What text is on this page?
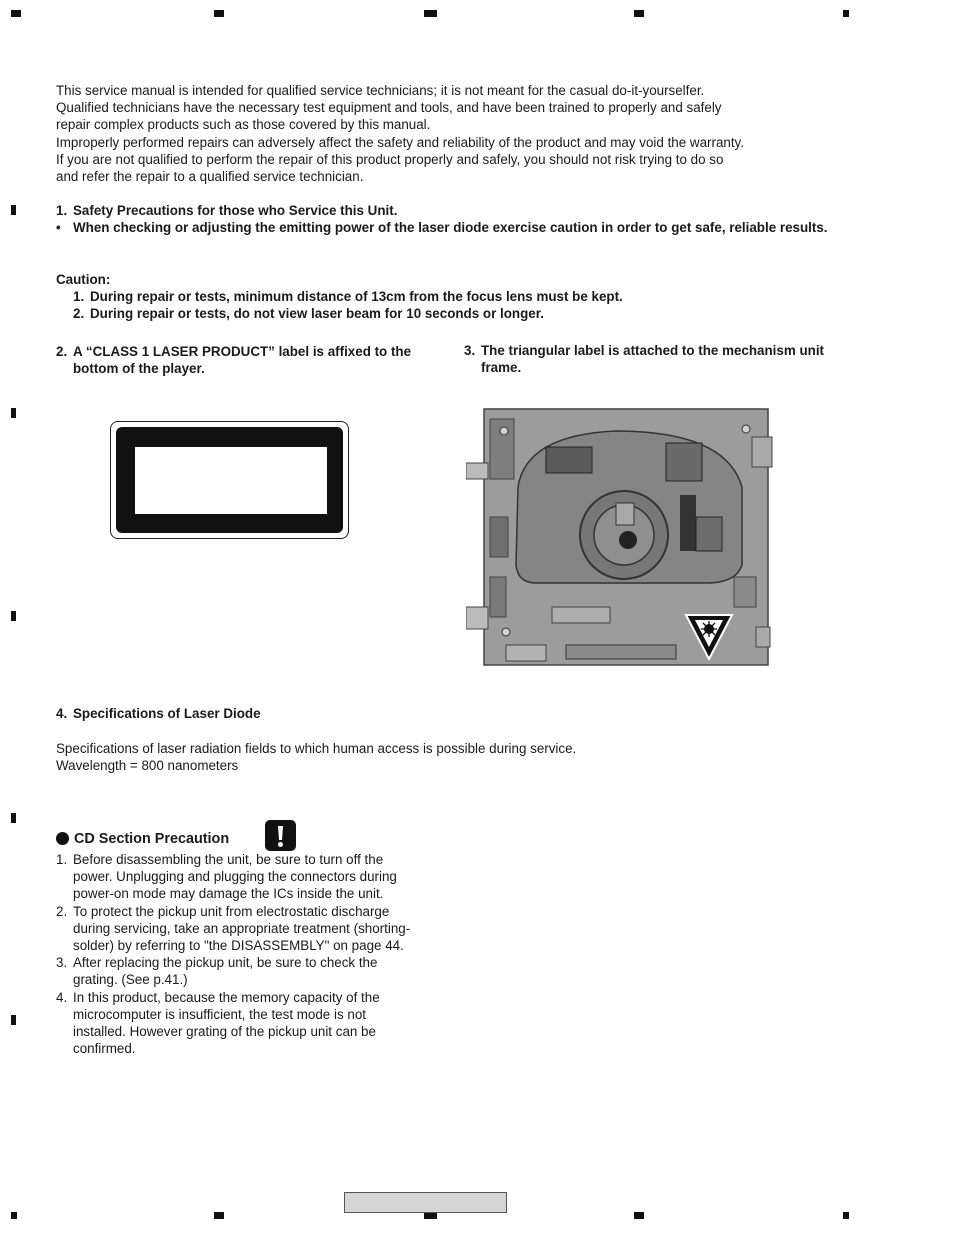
This service manual is intended for qualified service technicians; it is not meant for the casual do-it-yourselfer.

Qualified technicians have the necessary test equipment and tools, and have been trained to properly and safely

repair complex products such as those covered by this manual.

Improperly performed repairs can adversely affect the safety and reliability of the product and may void the warranty.

If you are not qualified to perform the repair of this product properly and safely, you should not risk trying to do so

and refer the repair to a qualified service technician.

1. Safety Precautions for those who Service this Unit.
• When checking or adjusting the emitting power of the laser diode exercise caution in order to get safe, reliable results.
Caution:
1. During repair or tests, minimum distance of 13cm from the focus lens must be kept.
2. During repair or tests, do not view laser beam for 10 seconds or longer.
2. A “CLASS 1 LASER PRODUCT” label is affixed to the bottom of the player.
3. The triangular label is attached to the mechanism unit frame.
4. Specifications of Laser Diode
Specifications of laser radiation fields to which human access is possible during service.
Wavelength = 800 nanometers
CD Section Precaution

1. Before disassembling the unit, be sure to turn off the power. Unplugging and plugging the connectors during power-on mode may damage the ICs inside the unit.

2. To protect the pickup unit from electrostatic discharge during servicing, take an appropriate treatment (shorting-solder) by referring to "the DISASSEMBLY" on page 44.

3. After replacing the pickup unit, be sure to check the grating. (See p.41.)

4. In this product, because the memory capacity of the microcomputer is insufficient, the test mode is not installed. However grating of the pickup unit can be confirmed.
